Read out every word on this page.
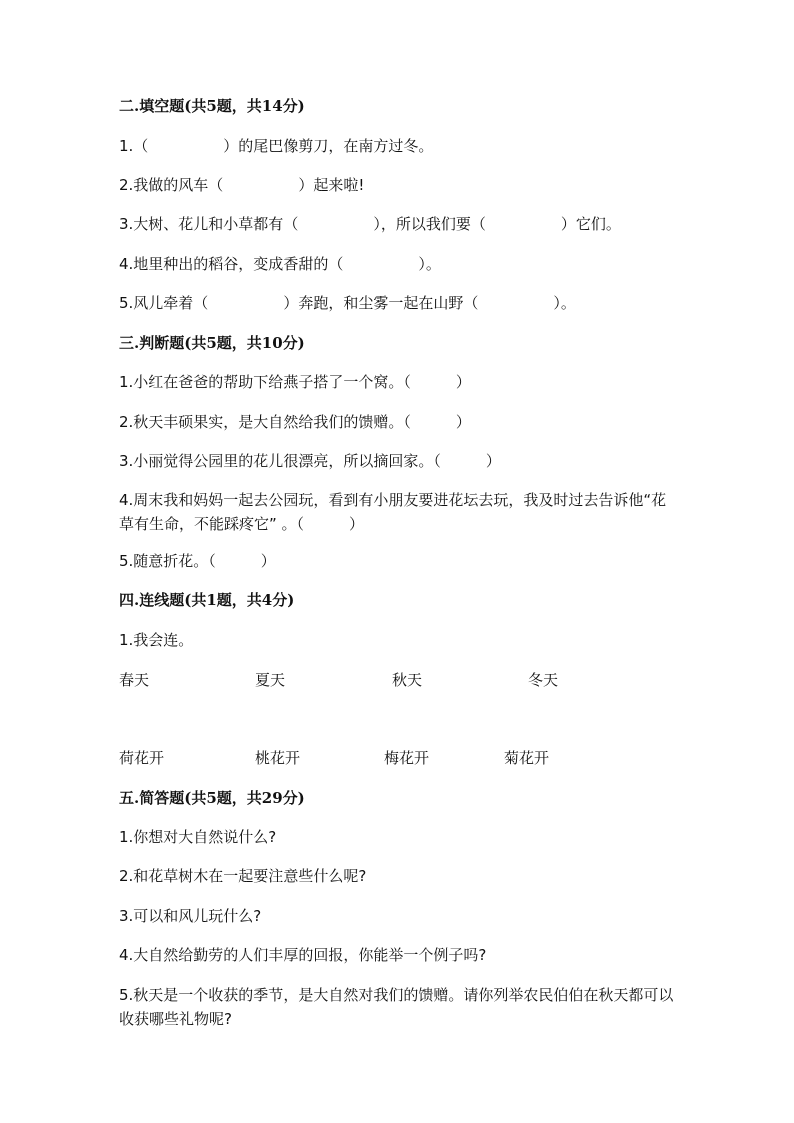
二.填空题(共5题，共14分)
1.（　　　　　）的尾巴像剪刀，在南方过冬。
2.我做的风车（　　　　　）起来啦!
3.大树、花儿和小草都有（　　　　　），所以我们要（　　　　　）它们。
4.地里种出的稻谷，变成香甜的（　　　　　）。
5.风儿牵着（　　　　　）奔跑，和尘雾一起在山野（　　　　　）。
三.判断题(共5题，共10分)
1.小红在爸爸的帮助下给燕子搭了一个窝。（　　　）
2.秋天丰硕果实，是大自然给我们的馈赠。（　　　）
3.小丽觉得公园里的花儿很漂亮，所以摘回家。（　　　）
4.周末我和妈妈一起去公园玩，看到有小朋友要进花坛去玩，我及时过去告诉他“花草有生命，不能踩疼它” 。（　　　）
5.随意折花。（　　　）
四.连线题(共1题，共4分)
1.我会连。
春天	夏天	秋天	冬天
荷花开	桃花开	梅花开	菊花开
五.简答题(共5题，共29分)
1.你想对大自然说什么?
2.和花草树木在一起要注意些什么呢?
3.可以和风儿玩什么?
4.大自然给勤劳的人们丰厚的回报，你能举一个例子吗?
5.秋天是一个收获的季节，是大自然对我们的馈赠。请你列举农民伯伯在秋天都可以收获哪些礼物呢?
